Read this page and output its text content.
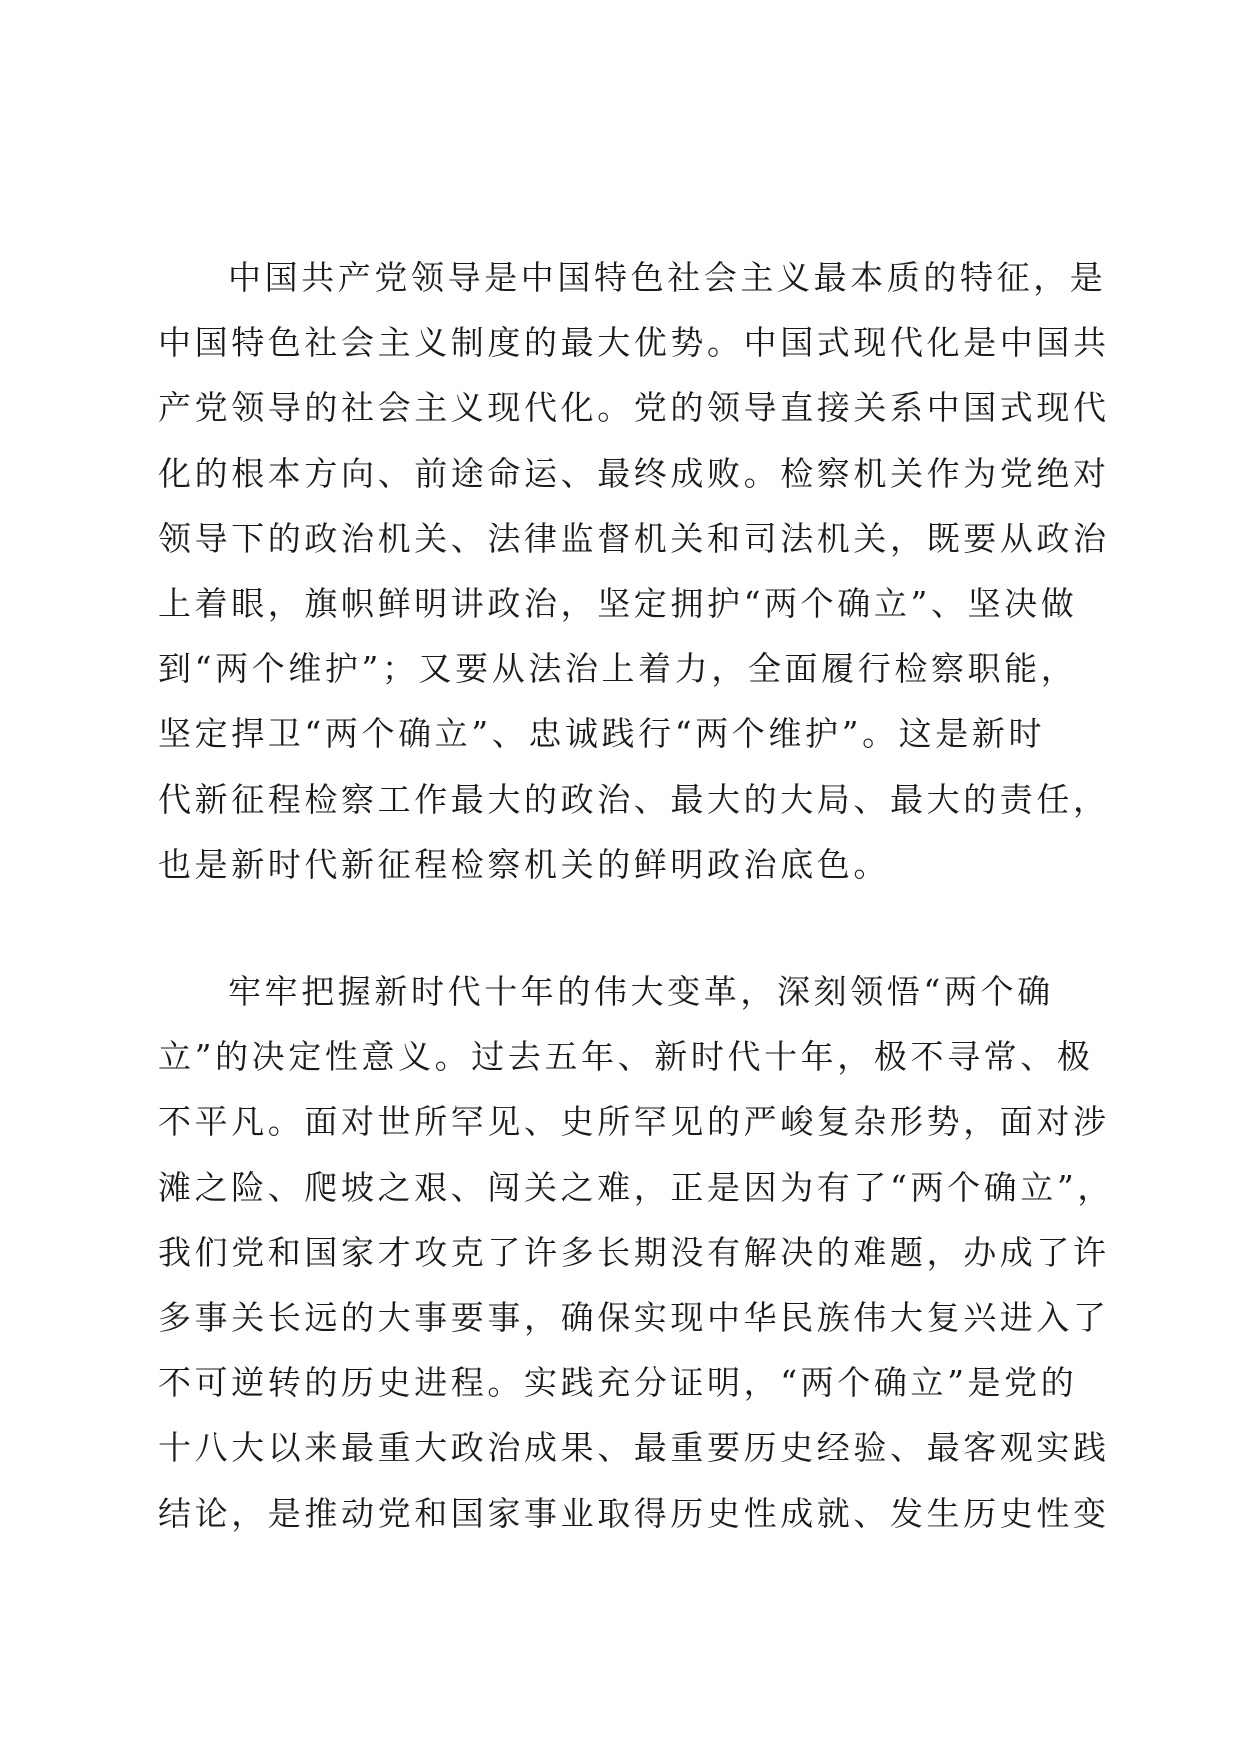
中国共产党领导是中国特色社会主义最本质的特征，是
中国特色社会主义制度的最大优势。中国式现代化是中国共
产党领导的社会主义现代化。党的领导直接关系中国式现代
化的根本方向、前途命运、最终成败。检察机关作为党绝对
领导下的政治机关、法律监督机关和司法机关，既要从政治
上着眼，旗帜鲜明讲政治，坚定拥护“两个确立”、坚决做
到“两个维护”；又要从法治上着力，全面履行检察职能，
坚定捍卫“两个确立”、忠诚践行“两个维护”。这是新时
代新征程检察工作最大的政治、最大的大局、最大的责任，
也是新时代新征程检察机关的鲜明政治底色。
牢牢把握新时代十年的伟大变革，深刻领悟“两个确
立”的决定性意义。过去五年、新时代十年，极不寻常、极
不平凡。面对世所罕见、史所罕见的严峻复杂形势，面对涉
滩之险、爬坡之艰、闯关之难，正是因为有了“两个确立”，
我们党和国家才攻克了许多长期没有解决的难题，办成了许
多事关长远的大事要事，确保实现中华民族伟大复兴进入了
不可逆转的历史进程。实践充分证明，“两个确立”是党的
十八大以来最重大政治成果、最重要历史经验、最客观实践
结论，是推动党和国家事业取得历史性成就、发生历史性变
